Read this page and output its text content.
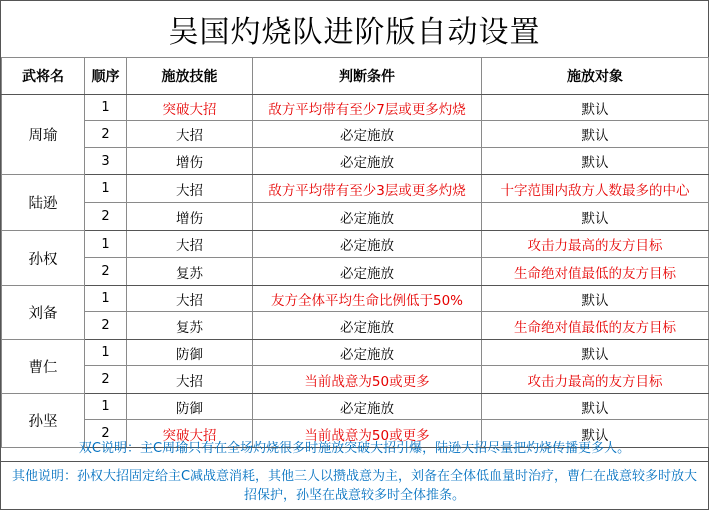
吴国灼烧队进阶版自动设置
武将名	顺序	施放技能	判断条件	施放对象
周瑜	1	突破大招	敌方平均带有至少7层或更多灼烧	默认
	2	大招	必定施放	默认
	3	增伤	必定施放	默认
陆逊	1	大招	敌方平均带有至少3层或更多灼烧	十字范围内敌方人数最多的中心
	2	增伤	必定施放	默认
孙权	1	大招	必定施放	攻击力最高的友方目标
	2	复苏	必定施放	生命绝对值最低的友方目标
刘备	1	大招	友方全体平均生命比例低于50%	默认
	2	复苏	必定施放	生命绝对值最低的友方目标
曹仁	1	防御	必定施放	默认
	2	大招	当前战意为50或更多	攻击力最高的友方目标
孙坚	1	防御	必定施放	默认
	2	突破大招	当前战意为50或更多	默认
双C说明：主C周瑜只有在全场灼烧很多时施放突破大招引爆，陆逊大招尽量把灼烧传播更多人。
其他说明：孙权大招固定给主C减战意消耗，其他三人以攒战意为主，刘备在全体低血量时治疗，曹仁在战意较多时放大招保护，孙坚在战意较多时全体推条。
